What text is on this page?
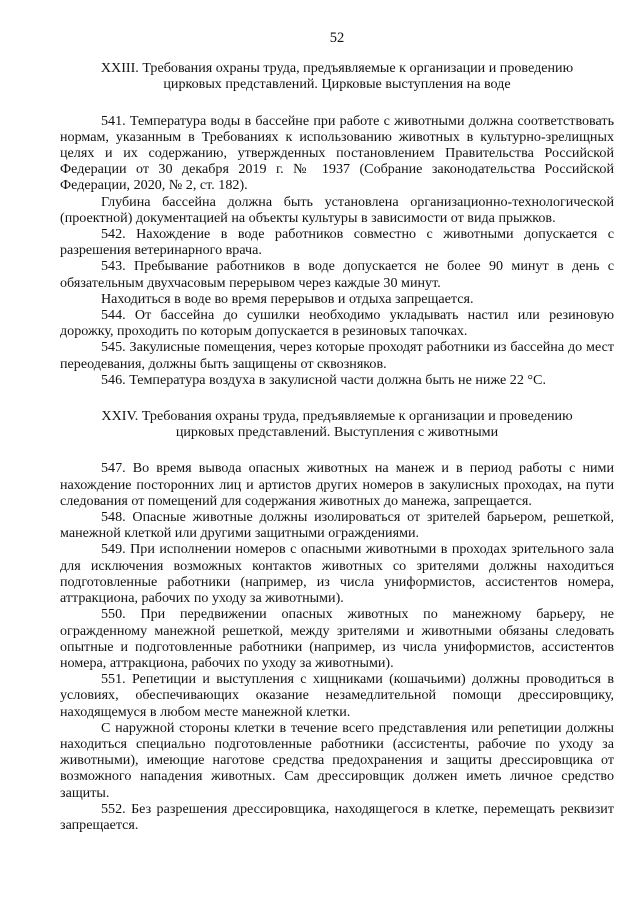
52
XXIII. Требования охраны труда, предъявляемые к организации и проведению
цирковых представлений. Цирковые выступления на воде

541. Температура воды в бассейне при работе с животными должна соответствовать нормам, указанным в Требованиях к использованию животных в культурно-зрелищных целях и их содержанию, утвержденных постановлением Правительства Российской Федерации от 30 декабря 2019 г. № 1937 (Собрание законодательства Российской Федерации, 2020, № 2, ст. 182).

Глубина бассейна должна быть установлена организационно-технологической (проектной) документацией на объекты культуры в зависимости от вида прыжков.

542. Нахождение в воде работников совместно с животными допускается с разрешения ветеринарного врача.

543. Пребывание работников в воде допускается не более 90 минут в день с обязательным двухчасовым перерывом через каждые 30 минут.

Находиться в воде во время перерывов и отдыха запрещается.

544. От бассейна до сушилки необходимо укладывать настил или резиновую дорожку, проходить по которым допускается в резиновых тапочках.

545. Закулисные помещения, через которые проходят работники из бассейна до мест переодевания, должны быть защищены от сквозняков.

546. Температура воздуха в закулисной части должна быть не ниже 22 °С.

XXIV. Требования охраны труда, предъявляемые к организации и проведению
цирковых представлений. Выступления с животными

547. Во время вывода опасных животных на манеж и в период работы с ними нахождение посторонних лиц и артистов других номеров в закулисных проходах, на пути следования от помещений для содержания животных до манежа, запрещается.

548. Опасные животные должны изолироваться от зрителей барьером, решеткой, манежной клеткой или другими защитными ограждениями.

549. При исполнении номеров с опасными животными в проходах зрительного зала для исключения возможных контактов животных со зрителями должны находиться подготовленные работники (например, из числа униформистов, ассистентов номера, аттракциона, рабочих по уходу за животными).

550. При передвижении опасных животных по манежному барьеру, не огражденному манежной решеткой, между зрителями и животными обязаны следовать опытные и подготовленные работники (например, из числа униформистов, ассистентов номера, аттракциона, рабочих по уходу за животными).

551. Репетиции и выступления с хищниками (кошачьими) должны проводиться в условиях, обеспечивающих оказание незамедлительной помощи дрессировщику, находящемуся в любом месте манежной клетки.

С наружной стороны клетки в течение всего представления или репетиции должны находиться специально подготовленные работники (ассистенты, рабочие по уходу за животными), имеющие наготове средства предохранения и защиты дрессировщика от возможного нападения животных. Сам дрессировщик должен иметь личное средство защиты.

552. Без разрешения дрессировщика, находящегося в клетке, перемещать реквизит запрещается.
